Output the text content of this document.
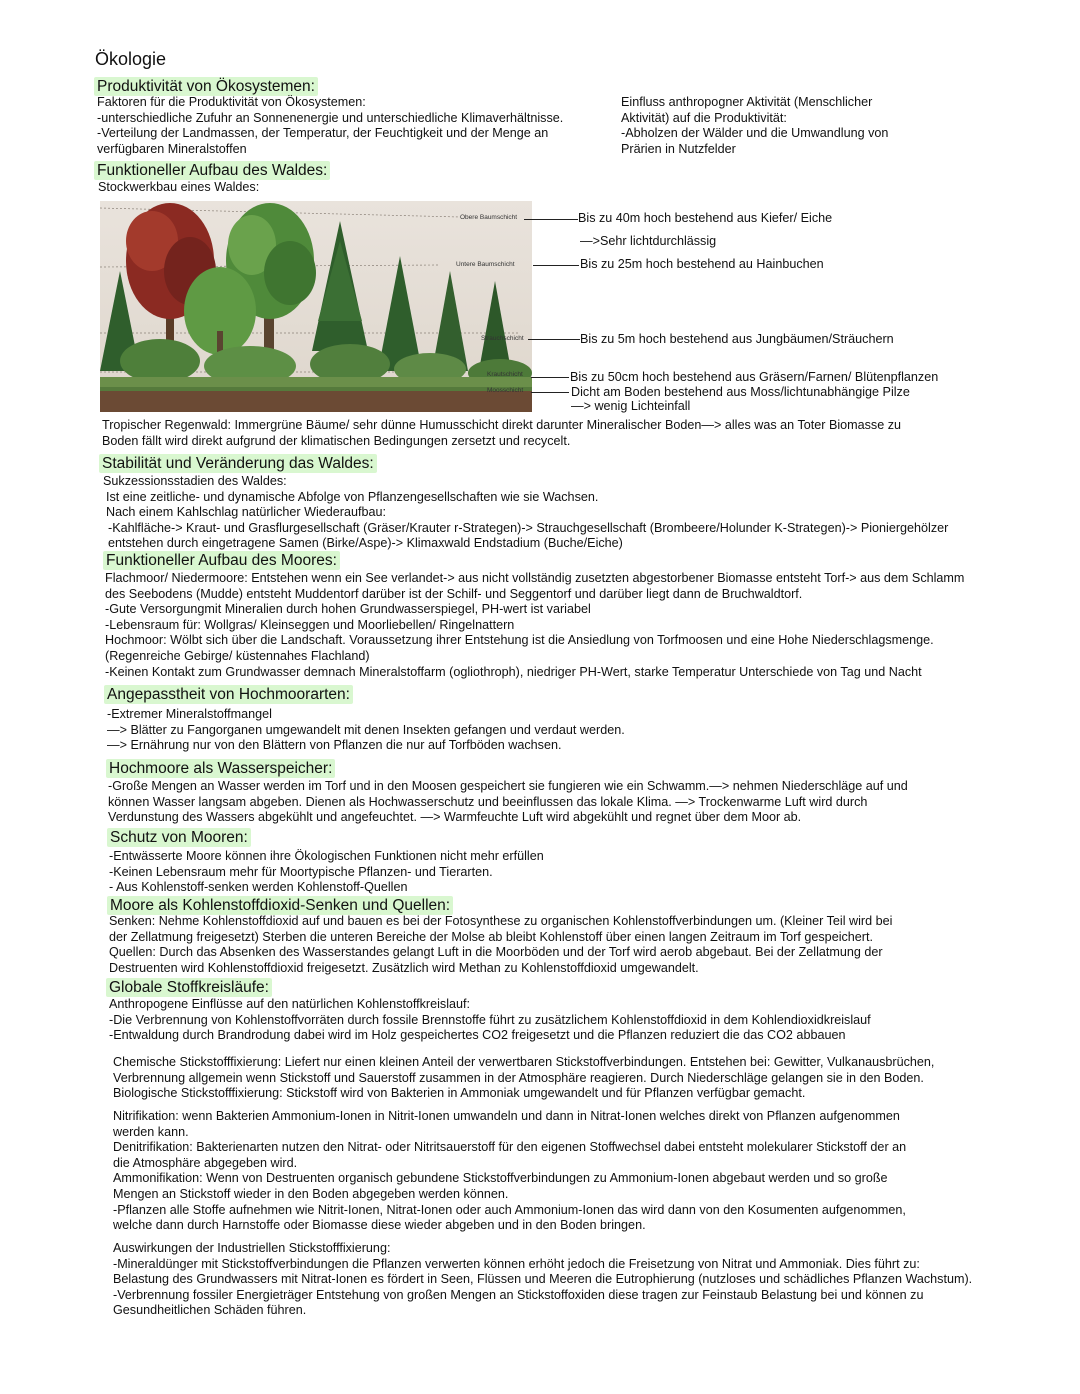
Ökologie
Produktivität von Ökosystemen:
Faktoren für die Produktivität von Ökosystemen:
-unterschiedliche Zufuhr an Sonnenenergie und unterschiedliche Klimaverhältnisse.
-Verteilung der Landmassen, der Temperatur, der Feuchtigkeit und der Menge an
verfügbaren Mineralstoffen
Einfluss anthropogner Aktivität (Menschlicher
Aktivität) auf die Produktivität:
-Abholzen der Wälder und die Umwandlung von
Prärien in Nutzfelder
Funktioneller Aufbau des Waldes:
Stockwerkbau eines Waldes:
Obere Baumschicht
Untere Baumschicht
Strauchschicht
Krautschicht
Moosschicht
Bis zu 40m hoch bestehend aus Kiefer/ Eiche
—>Sehr lichtdurchlässig
Bis zu 25m hoch bestehend au Hainbuchen
Bis zu 5m hoch bestehend aus Jungbäumen/Sträuchern
Bis zu 50cm hoch bestehend aus Gräsern/Farnen/ Blütenpflanzen
Dicht am Boden bestehend aus Moss/lichtunabhängige Pilze
—> wenig Lichteinfall
Tropischer Regenwald: Immergrüne Bäume/ sehr dünne Humusschicht direkt darunter Mineralischer Boden—> alles was an Toter Biomasse zu
Boden fällt wird direkt aufgrund der klimatischen Bedingungen zersetzt und recycelt.
Stabilität und Veränderung das Waldes:
Sukzessionsstadien des Waldes:
Ist eine zeitliche- und dynamische Abfolge von Pflanzengesellschaften wie sie Wachsen.
Nach einem Kahlschlag natürlicher Wiederaufbau:
-Kahlfläche-> Kraut- und Grasflurgesellschaft (Gräser/Krauter r-Strategen)-> Strauchgesellschaft (Brombeere/Holunder K-Strategen)-> Pioniergehölzer
entstehen durch eingetragene Samen (Birke/Aspe)-> Klimaxwald Endstadium (Buche/Eiche)
Funktioneller Aufbau des Moores:
Flachmoor/ Niedermoore: Entstehen wenn ein See verlandet-> aus nicht vollständig zusetzten abgestorbener Biomasse entsteht Torf-> aus dem Schlamm
des Seebodens (Mudde) entsteht Muddentorf darüber ist der Schilf- und Seggentorf und darüber liegt dann de Bruchwaldtorf.
-Gute Versorgungmit Mineralien durch hohen Grundwasserspiegel, PH-wert ist variabel
-Lebensraum für: Wollgras/ Kleinseggen und Moorliebellen/ Ringelnattern
Hochmoor: Wölbt sich über die Landschaft. Voraussetzung ihrer Entstehung ist die Ansiedlung von Torfmoosen und eine Hohe Niederschlagsmenge.
(Regenreiche Gebirge/ küstennahes Flachland)
-Keinen Kontakt zum Grundwasser demnach Mineralstoffarm (ogliothroph), niedriger PH-Wert, starke Temperatur Unterschiede von Tag und Nacht
Angepasstheit von Hochmoorarten:
-Extremer Mineralstoffmangel
—> Blätter zu Fangorganen umgewandelt mit denen Insekten gefangen und verdaut werden.
—> Ernährung nur von den Blättern von Pflanzen die nur auf Torfböden wachsen.
Hochmoore als Wasserspeicher:
-Große Mengen an Wasser werden im Torf und in den Moosen gespeichert sie fungieren wie ein Schwamm.—> nehmen Niederschläge auf und
können Wasser langsam abgeben. Dienen als Hochwasserschutz und beeinflussen das lokale Klima. —> Trockenwarme Luft wird durch
Verdunstung des Wassers abgekühlt und angefeuchtet. —> Warmfeuchte Luft wird abgekühlt und regnet über dem Moor ab.
Schutz von Mooren:
-Entwässerte Moore können ihre Ökologischen Funktionen nicht mehr erfüllen
-Keinen Lebensraum mehr für Moortypische Pflanzen- und Tierarten.
- Aus Kohlenstoff-senken werden Kohlenstoff-Quellen
Moore als Kohlenstoffdioxid-Senken und Quellen:
Senken: Nehme Kohlenstoffdioxid auf und bauen es bei der Fotosynthese zu organischen Kohlenstoffverbindungen um. (Kleiner Teil wird bei
der Zellatmung freigesetzt) Sterben die unteren Bereiche der Molse ab bleibt Kohlenstoff über einen langen Zeitraum im Torf gespeichert.
Quellen: Durch das Absenken des Wasserstandes gelangt Luft in die Moorböden und der Torf wird aerob abgebaut. Bei der Zellatmung der
Destruenten wird Kohlenstoffdioxid freigesetzt. Zusätzlich wird Methan zu Kohlenstoffdioxid umgewandelt.
Globale Stoffkreisläufe:
Anthropogene Einflüsse auf den natürlichen Kohlenstoffkreislauf:
-Die Verbrennung von Kohlenstoffvorräten durch fossile Brennstoffe führt zu zusätzlichem Kohlenstoffdioxid in dem Kohlendioxidkreislauf
-Entwaldung durch Brandrodung dabei wird im Holz gespeichertes CO2 freigesetzt und die Pflanzen reduziert die das CO2 abbauen
Chemische Stickstofffixierung: Liefert nur einen kleinen Anteil der verwertbaren Stickstoffverbindungen. Entstehen bei: Gewitter, Vulkanausbrüchen,
Verbrennung allgemein wenn Stickstoff und Sauerstoff zusammen in der Atmosphäre reagieren. Durch Niederschläge gelangen sie in den Boden.
Biologische Stickstofffixierung: Stickstoff wird von Bakterien in Ammoniak umgewandelt und für Pflanzen verfügbar gemacht.
Nitrifikation: wenn Bakterien Ammonium-Ionen in Nitrit-Ionen umwandeln und dann in Nitrat-Ionen welches direkt von Pflanzen aufgenommen
werden kann.
Denitrifikation: Bakterienarten nutzen den Nitrat- oder Nitritsauerstoff für den eigenen Stoffwechsel dabei entsteht molekularer Stickstoff der an
die Atmosphäre abgegeben wird.
Ammonifikation: Wenn von Destruenten organisch gebundene Stickstoffverbindungen zu Ammonium-Ionen abgebaut werden und so große
Mengen an Stickstoff wieder in den Boden abgegeben werden können.
-Pflanzen alle Stoffe aufnehmen wie Nitrit-Ionen, Nitrat-Ionen oder auch Ammonium-Ionen das wird dann von den Kosumenten aufgenommen,
welche dann durch Harnstoffe oder Biomasse diese wieder abgeben und in den Boden bringen.
Auswirkungen der Industriellen Stickstofffixierung:
-Mineraldünger mit Stickstoffverbindungen die Pflanzen verwerten können erhöht jedoch die Freisetzung von Nitrat und Ammoniak. Dies führt zu:
Belastung des Grundwassers mit Nitrat-Ionen es fördert in Seen, Flüssen und Meeren die Eutrophierung (nutzloses und schädliches Pflanzen Wachstum).
-Verbrennung fossiler Energieträger Entstehung von großen Mengen an Stickstoffoxiden diese tragen zur Feinstaub Belastung bei und können zu
Gesundheitlichen Schäden führen.
